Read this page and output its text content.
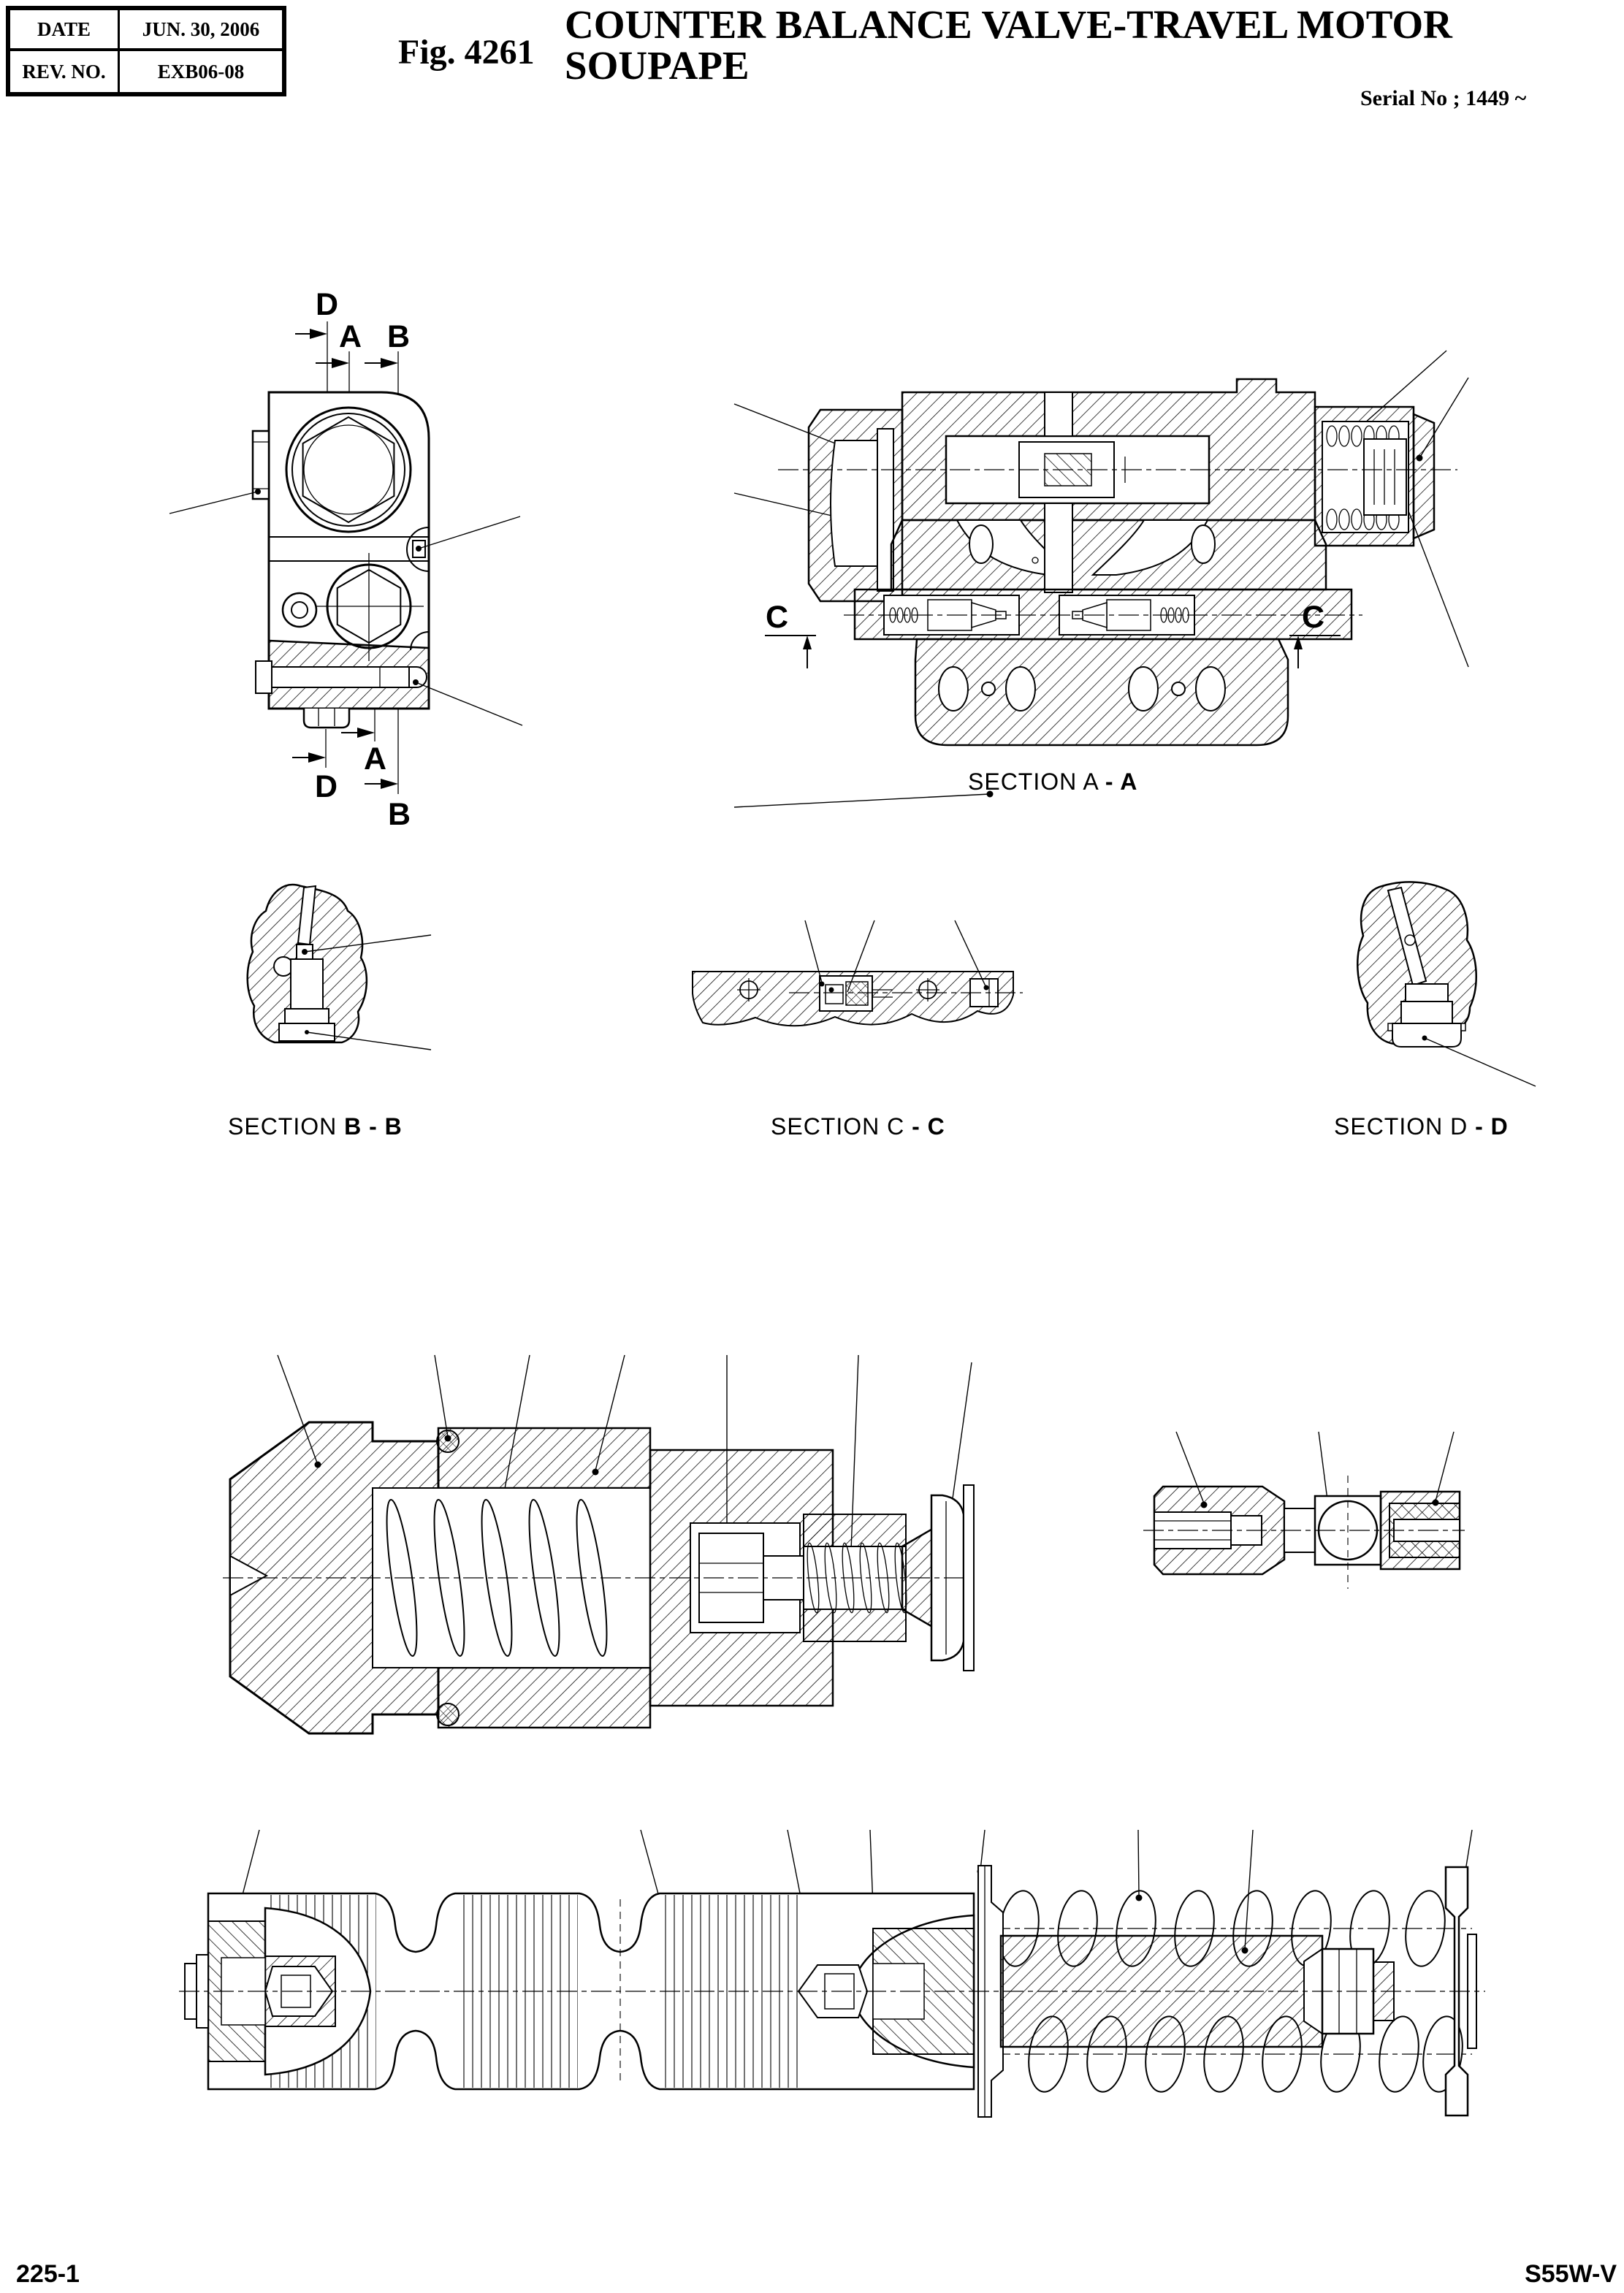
DATE	JUN. 30, 2006
REV. NO.	EXB06-08	Fig. 4261
COUNTER BALANCE VALVE-TRAVEL MOTOR
SOUPAPE
Serial No ; 1449 ~
D
A B
A
D
B
C	C
SECTION A - A
SECTION B - B	SECTION C - C	SECTION D - D
225-1	S55W-V
